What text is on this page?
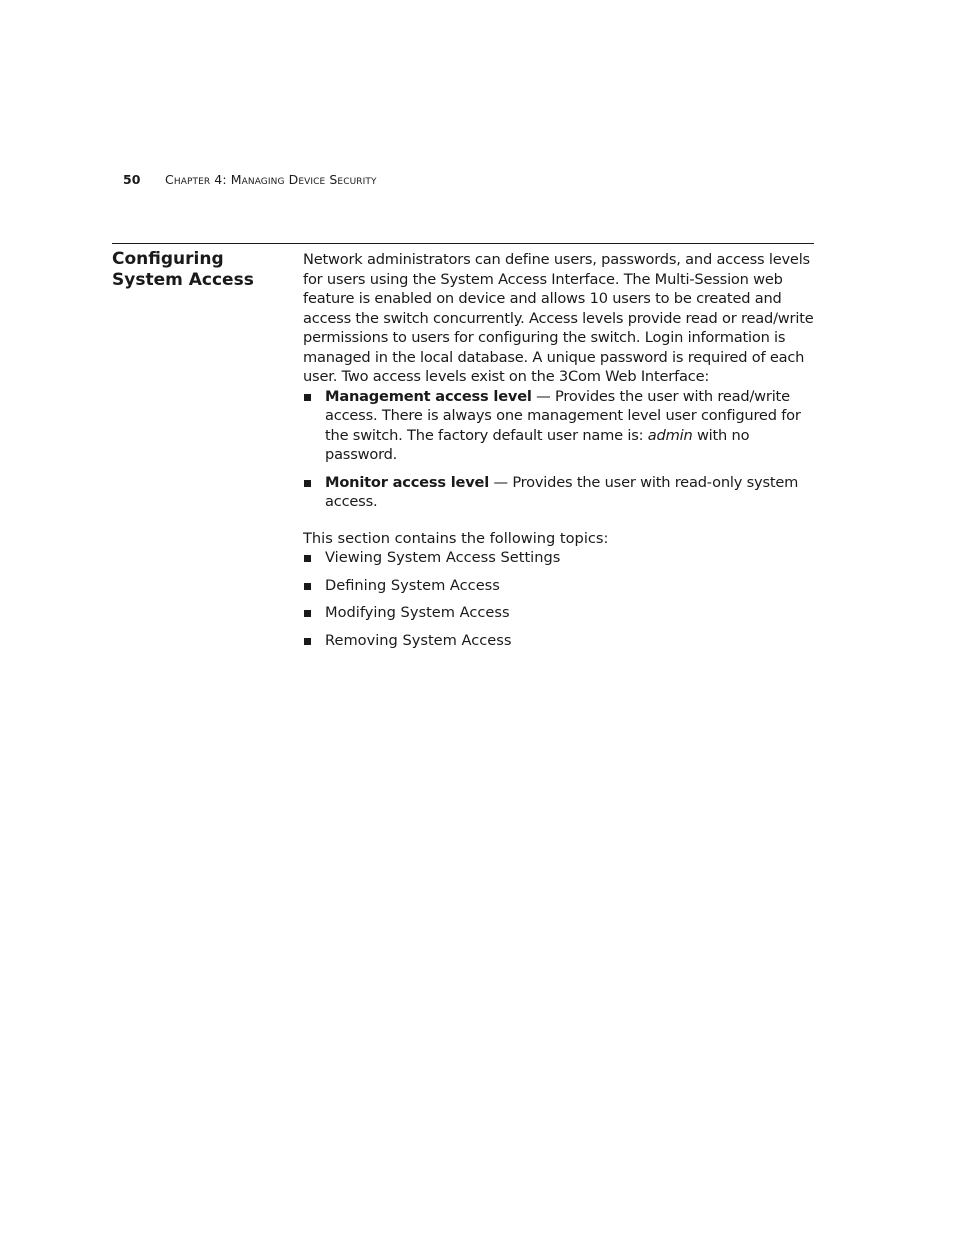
50 Chapter 4: Managing Device Security
Configuring System Access

Network administrators can define users, passwords, and access levels for users using the System Access Interface. The Multi-Session web feature is enabled on device and allows 10 users to be created and access the switch concurrently. Access levels provide read or read/write permissions to users for configuring the switch. Login information is managed in the local database. A unique password is required of each user. Two access levels exist on the 3Com Web Interface:

Management access level — Provides the user with read/write access. There is always one management level user configured for the switch. The factory default user name is: admin with no password.
Monitor access level — Provides the user with read-only system access.

This section contains the following topics:

Viewing System Access Settings
Defining System Access
Modifying System Access
Removing System Access
